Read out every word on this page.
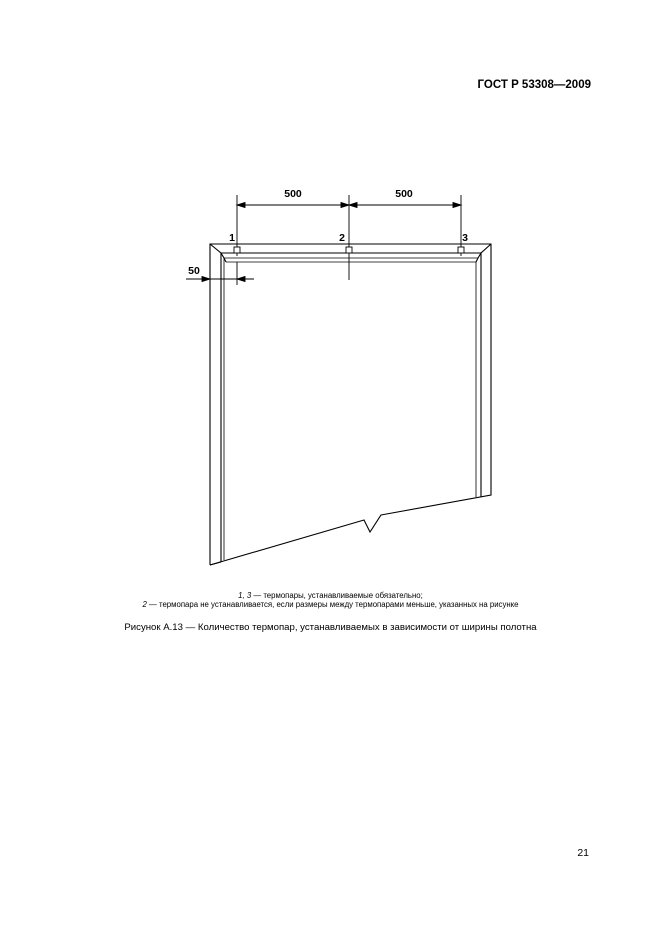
ГОСТ Р 53308—2009
500	500
50
1	2	3
1, 3 — термопары, устанавливаемые обязательно;
2 — термопара не устанавливается, если размеры между термопарами меньше, указанных на рисунке
Рисунок А.13 — Количество термопар, устанавливаемых в зависимости от ширины полотна
21
